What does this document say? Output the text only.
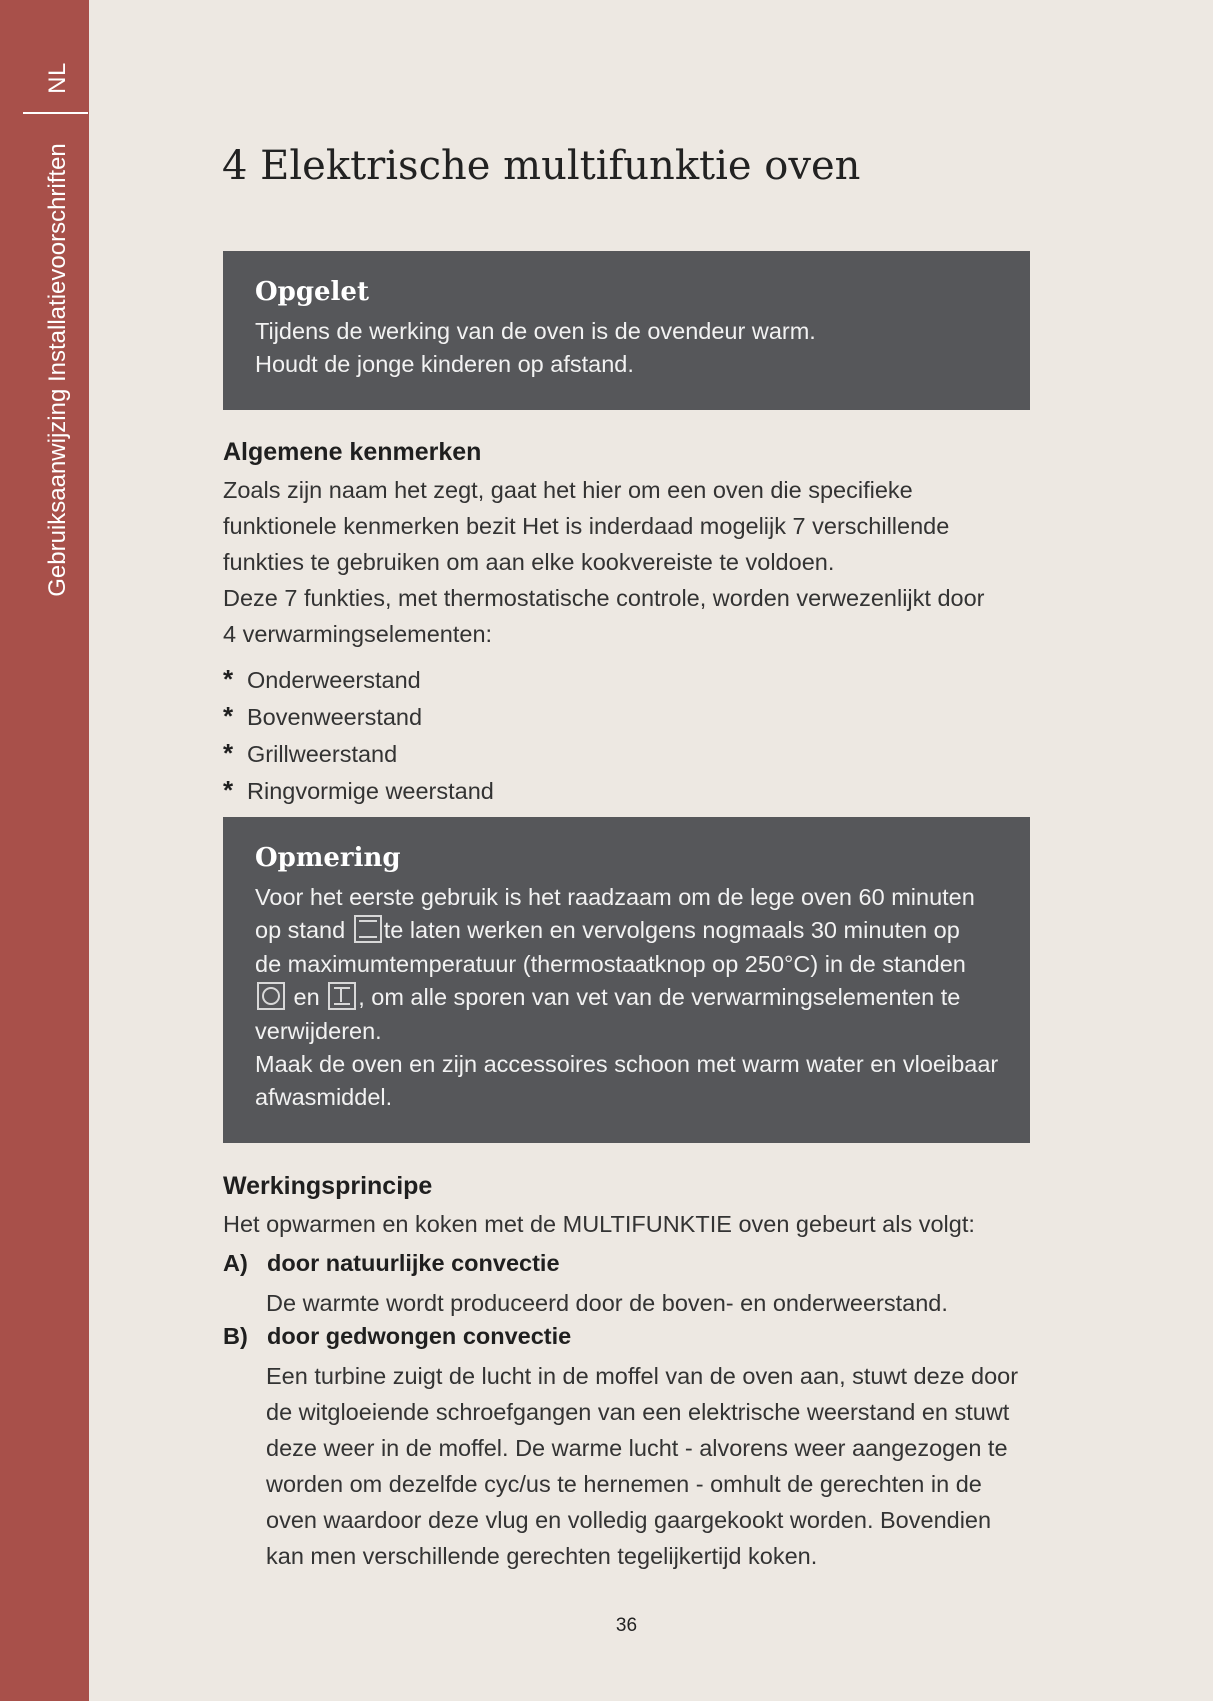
NL
Gebruiksaanwijzing Installatievoorschriften	4 Elektrische multifunktie oven
Opgelet
Tijdens de werking van de oven is de ovendeur warm.
Houdt de jonge kinderen op afstand.
Algemene kenmerken
Zoals zijn naam het zegt, gaat het hier om een oven die specifieke
funktionele kenmerken bezit Het is inderdaad mogelijk 7 verschillende
funkties te gebruiken om aan elke kookvereiste te voldoen.
Deze 7 funkties, met thermostatische controle, worden verwezenlijkt door
4 verwarmingselementen:
* Onderweerstand
* Bovenweerstand
* Grillweerstand
* Ringvormige weerstand
Opmering
Voor het eerste gebruik is het raadzaam om de lege oven 60 minuten
op stand te laten werken en vervolgens nogmaals 30 minuten op
de maximumtemperatuur (thermostaatknop op 250°C) in de standen
en , om alle sporen van vet van de verwarmingselementen te
verwijderen.
Maak de oven en zijn accessoires schoon met warm water en vloeibaar
afwasmiddel.
Werkingsprincipe
Het opwarmen en koken met de MULTIFUNKTIE oven gebeurt als volgt:
A) door natuurlijke convectie
De warmte wordt produceerd door de boven- en onderweerstand.
B) door gedwongen convectie
Een turbine zuigt de lucht in de moffel van de oven aan, stuwt deze door
de witgloeiende schroefgangen van een elektrische weerstand en stuwt
deze weer in de moffel. De warme lucht - alvorens weer aangezogen te
worden om dezelfde cyc/us te hernemen - omhult de gerechten in de
oven waardoor deze vlug en volledig gaargekookt worden. Bovendien
kan men verschillende gerechten tegelijkertijd koken.
36
